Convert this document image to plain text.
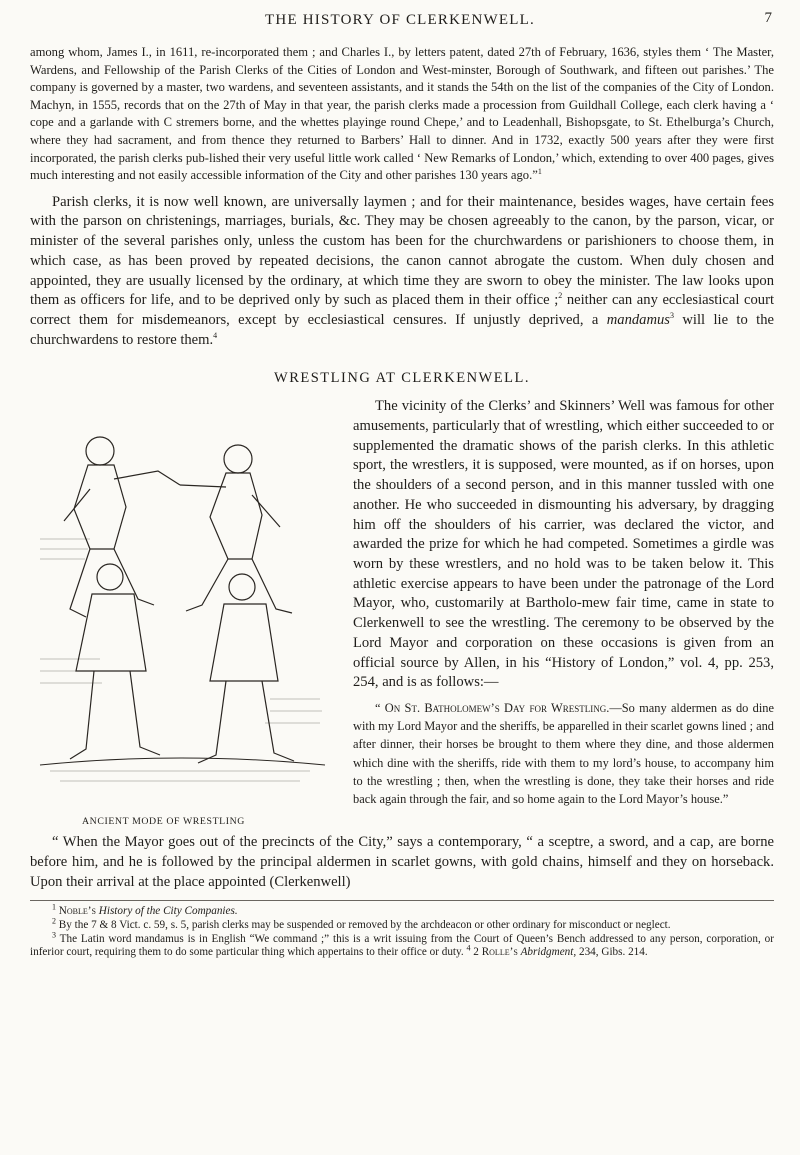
THE HISTORY OF CLERKENWELL.	7

among whom, James I., in 1611, re-incorporated them ; and Charles I., by letters patent, dated 27th of February, 1636, styles them ‘ The Master, Wardens, and Fellowship of the Parish Clerks of the Cities of London and West-minster, Borough of Southwark, and fifteen out parishes.’ The company is governed by a master, two wardens, and seventeen assistants, and it stands the 54th on the list of the companies of the City of London. Machyn, in 1555, records that on the 27th of May in that year, the parish clerks made a procession from Guildhall College, each clerk having a ‘ cope and a garlande with C stremers borne, and the whettes playinge round Chepe,’ and to Leadenhall, Bishopsgate, to St. Ethelburga’s Church, where they had sacrament, and from thence they returned to Barbers’ Hall to dinner. And in 1732, exactly 500 years after they were first incorporated, the parish clerks pub-lished their very useful little work called ‘ New Remarks of London,’ which, extending to over 400 pages, gives much interesting and not easily accessible information of the City and other parishes 130 years ago.”$^1$

Parish clerks, it is now well known, are universally laymen ; and for their maintenance, besides wages, have certain fees with the parson on christenings, marriages, burials, &c. They may be chosen agreeably to the canon, by the parson, vicar, or minister of the several parishes only, unless the custom has been for the churchwardens or parishioners to choose them, in which case, as has been proved by repeated decisions, the canon cannot abrogate the custom. When duly chosen and appointed, they are usually licensed by the ordinary, at which time they are sworn to obey the minister. The law looks upon them as officers for life, and to be deprived only by such as placed them in their office ;$^2$ neither can any ecclesiastical court correct them for misdemeanors, except by ecclesiastical censures. If unjustly deprived, a mandamus$^3$ will lie to the churchwardens to restore them.$^4$

WRESTLING AT CLERKENWELL.

ANCIENT MODE OF WRESTLING
The vicinity of the Clerks’ and Skinners’ Well was famous for other amusements, particularly that of wrestling, which either succeeded to or supplemented the dramatic shows of the parish clerks. In this athletic sport, the wrestlers, it is supposed, were mounted, as if on horses, upon the shoulders of a second person, and in this manner tussled with one another. He who succeeded in dismounting his adversary, by dragging him off the shoulders of his carrier, was declared the victor, and awarded the prize for which he had competed. Sometimes a girdle was worn by these wrestlers, and no hold was to be taken below it. This athletic exercise appears to have been under the patronage of the Lord Mayor, who, customarily at Bartholo-mew fair time, came in state to Clerkenwell to see the wrestling. The ceremony to be observed by the Lord Mayor and corporation on these occasions is given from an official source by Allen, in his “History of London,” vol. 4, pp. 253, 254, and is as follows:—

“ On St. Batholomew’s Day for Wrestling.—So many aldermen as do dine with my Lord Mayor and the sheriffs, be apparelled in their scarlet gowns lined ; and after dinner, their horses be brought to them where they dine, and those aldermen which dine with the sheriffs, ride with them to my lord’s house, to accompany him to the wrestling ; then, when the wrestling is done, they take their horses and ride back again through the fair, and so home again to the Lord Mayor’s house.”

“ When the Mayor goes out of the precincts of the City,” says a contemporary, “ a sceptre, a sword, and a cap, are borne before him, and he is followed by the principal aldermen in scarlet gowns, with gold chains, himself and they on horseback. Upon their arrival at the place appointed (Clerkenwell)

$^1$ Noble’s History of the City Companies.

$^2$ By the 7 & 8 Vict. c. 59, s. 5, parish clerks may be suspended or removed by the archdeacon or other ordinary for misconduct or neglect.

$^3$ The Latin word mandamus is in English “We command ;” this is a writ issuing from the Court of Queen’s Bench addressed to any person, corporation, or inferior court, requiring them to do some particular thing which appertains to their office or duty. $^4$ 2 Rolle’s Abridgment, 234, Gibs. 214.
